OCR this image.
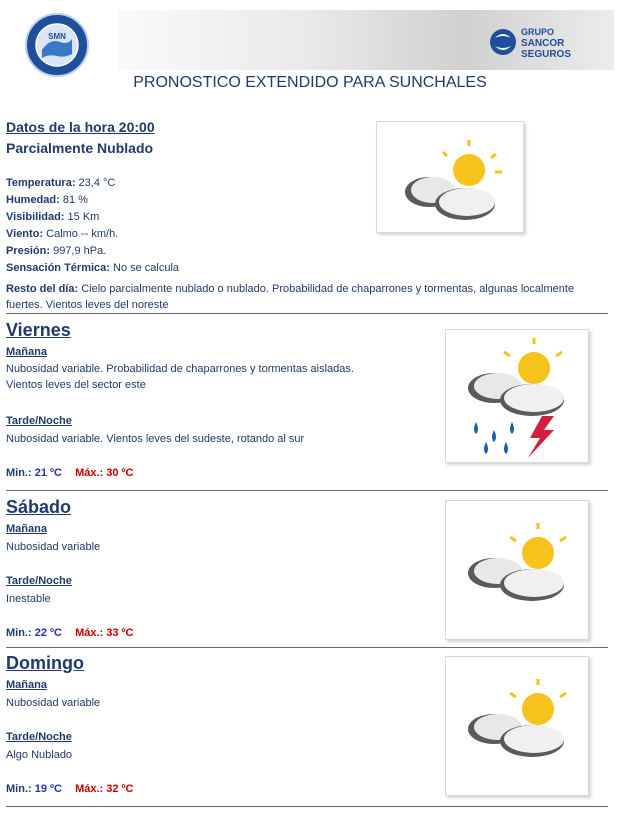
SMN	GRUPO
SANCOR
SEGUROS
PRONOSTICO EXTENDIDO PARA SUNCHALES
Datos de la hora 20:00
Parcialmente Nublado
Temperatura: 23,4 °C
Humedad: 81 %
Visibilidad: 15 Km
Viento: Calmo -- km/h.
Presión: 997,9 hPa.
Sensación Térmica: No se calcula
Resto del día: Cielo parcialmente nublado o nublado. Probabilidad de chaparrones y tormentas, algunas localmente fuertes. Vientos leves del noreste
Viernes
Mañana
Nubosidad variable. Probabilidad de chaparrones y tormentas aisladas. Vientos leves del sector este
Tarde/Noche
Nubosidad variable. Vientos leves del sudeste, rotando al sur
Min.: 21 ºC Máx.: 30 ºC
Sábado
Mañana
Nubosidad variable
Tarde/Noche
Inestable
Min.: 22 ºC Máx.: 33 ºC
Domingo
Mañana
Nubosidad variable
Tarde/Noche
Algo Nublado
Min.: 19 ºC Máx.: 32 ºC
